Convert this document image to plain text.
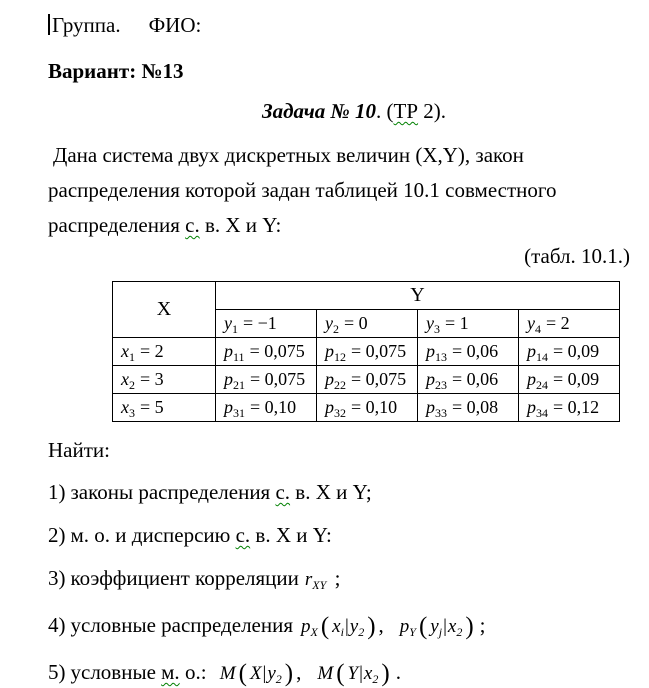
Группа. ФИО:
Вариант: №13
Задача № 10. (ТР 2).
Дана система двух дискретных величин (X,Y), закон
распределения которой задан таблицей 10.1 совместного
распределения с. в. X и Y:
(табл. 10.1.)
X	Y			
	$y_1 = -1$	$y_2 = 0$	$y_3 = 1$	$y_4 = 2$
$x_1 = 2$	$p_{11} = 0,075$	$p_{12} = 0,075$	$p_{13} = 0,06$	$p_{14} = 0,09$
$x_2 = 3$	$p_{21} = 0,075$	$p_{22} = 0,075$	$p_{23} = 0,06$	$p_{24} = 0,09$
$x_3 = 5$	$p_{31} = 0,10$	$p_{32} = 0,10$	$p_{33} = 0,08$	$p_{34} = 0,12$
Найти:
1) законы распределения с. в. X и Y;
2) м. о. и дисперсию с. в. X и Y:
3) коэффициент корреляции $r_{XY}$ ;
4) условные распределения $p_X$ ( $x_i|y_2$ ) , $p_Y$ ( $y_j|x_2$ ) ;
5) условные м. о.: M ( $X|y_2$ ) , M ( $Y|x_2$ ) .
